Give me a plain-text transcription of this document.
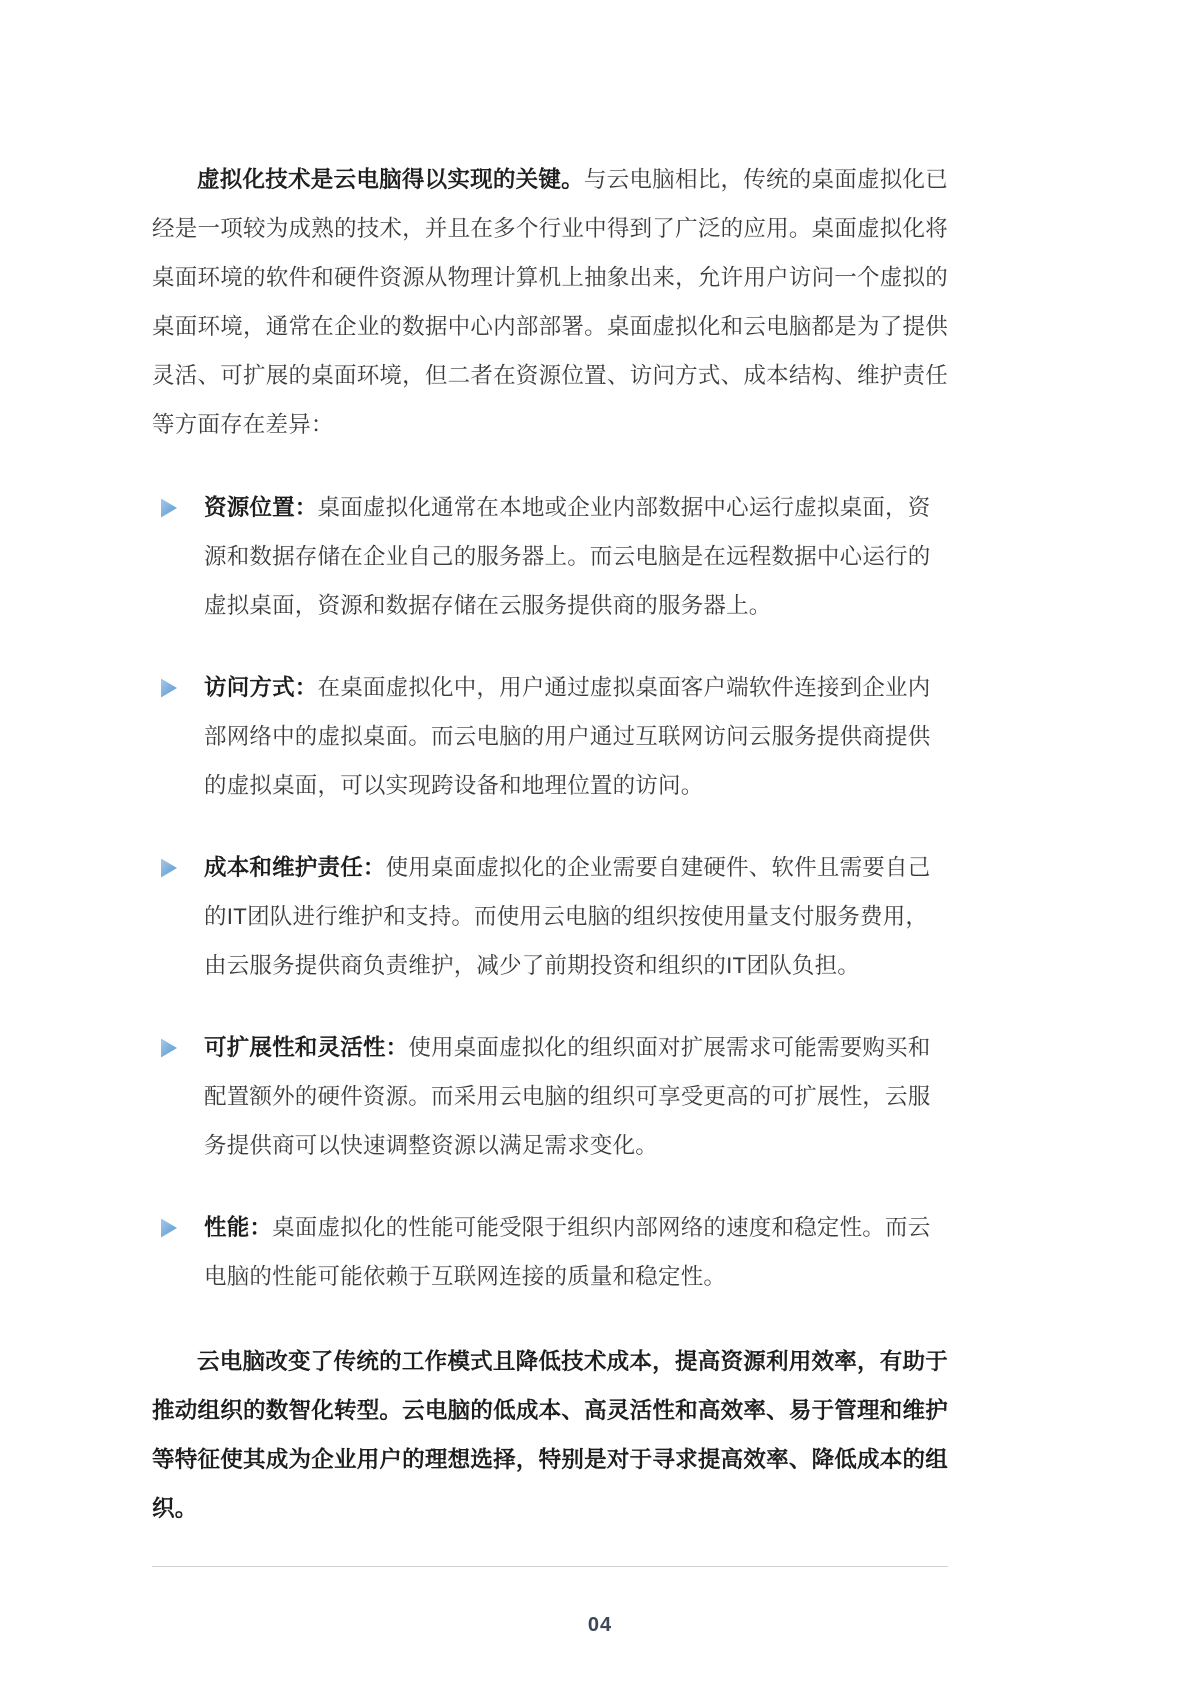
虚拟化技术是云电脑得以实现的关键。与云电脑相比，传统的桌面虚拟化已经是一项较为成熟的技术，并且在多个行业中得到了广泛的应用。桌面虚拟化将桌面环境的软件和硬件资源从物理计算机上抽象出来，允许用户访问一个虚拟的桌面环境，通常在企业的数据中心内部部署。桌面虚拟化和云电脑都是为了提供灵活、可扩展的桌面环境，但二者在资源位置、访问方式、成本结构、维护责任等方面存在差异：

资源位置：桌面虚拟化通常在本地或企业内部数据中心运行虚拟桌面，资源和数据存储在企业自己的服务器上。而云电脑是在远程数据中心运行的虚拟桌面，资源和数据存储在云服务提供商的服务器上。
访问方式：在桌面虚拟化中，用户通过虚拟桌面客户端软件连接到企业内部网络中的虚拟桌面。而云电脑的用户通过互联网访问云服务提供商提供的虚拟桌面，可以实现跨设备和地理位置的访问。
成本和维护责任：使用桌面虚拟化的企业需要自建硬件、软件且需要自己的IT团队进行维护和支持。而使用云电脑的组织按使用量支付服务费用，由云服务提供商负责维护，减少了前期投资和组织的IT团队负担。
可扩展性和灵活性：使用桌面虚拟化的组织面对扩展需求可能需要购买和配置额外的硬件资源。而采用云电脑的组织可享受更高的可扩展性，云服务提供商可以快速调整资源以满足需求变化。
性能：桌面虚拟化的性能可能受限于组织内部网络的速度和稳定性。而云电脑的性能可能依赖于互联网连接的质量和稳定性。

云电脑改变了传统的工作模式且降低技术成本，提高资源利用效率，有助于推动组织的数智化转型。云电脑的低成本、高灵活性和高效率、易于管理和维护等特征使其成为企业用户的理想选择，特别是对于寻求提高效率、降低成本的组织。

04
